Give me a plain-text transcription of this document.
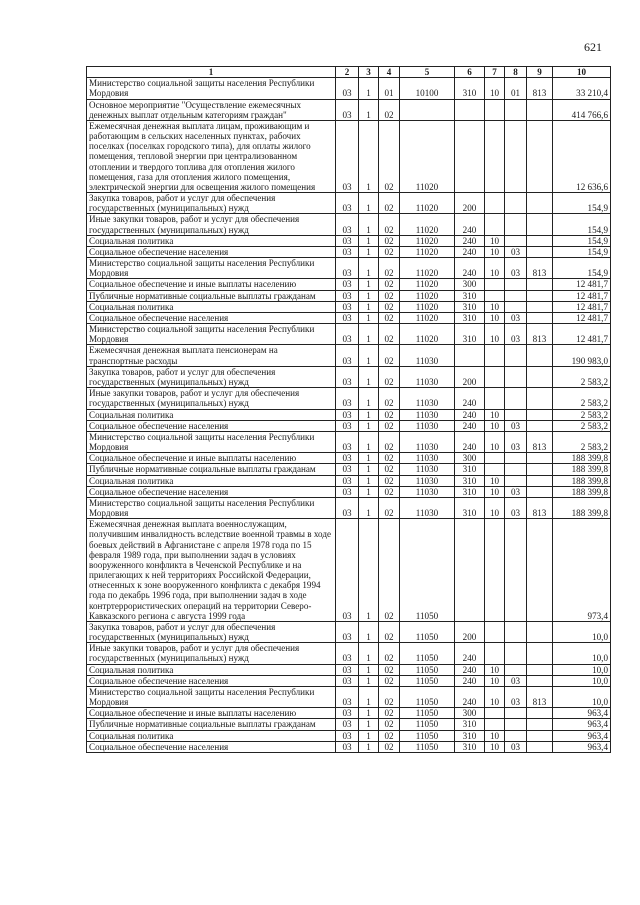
621
1	2	3	4	5	6	7	8	9	10
Министерство социальной защиты населения Республики Мордовия	03	1	01	10100	310	10	01	813	33 210,4
Основное мероприятие "Осуществление ежемесячных денежных выплат отдельным категориям граждан"	03	1	02						414 766,6
Ежемесячная денежная выплата лицам, проживающим и работающим в сельских населенных пунктах, рабочих поселках (поселках городского типа), для оплаты жилого помещения, тепловой энергии при централизованном отоплении и твердого топлива для отопления жилого помещения, газа для отопления жилого помещения, электрической энергии для освещения жилого помещения	03	1	02	11020					12 636,6
Закупка товаров, работ и услуг для обеспечения государственных (муниципальных) нужд	03	1	02	11020	200				154,9
Иные закупки товаров, работ и услуг для обеспечения государственных (муниципальных) нужд	03	1	02	11020	240				154,9
Социальная политика	03	1	02	11020	240	10			154,9
Социальное обеспечение населения	03	1	02	11020	240	10	03		154,9
Министерство социальной защиты населения Республики Мордовия	03	1	02	11020	240	10	03	813	154,9
Социальное обеспечение и иные выплаты населению	03	1	02	11020	300				12 481,7
Публичные нормативные социальные выплаты гражданам	03	1	02	11020	310				12 481,7
Социальная политика	03	1	02	11020	310	10			12 481,7
Социальное обеспечение населения	03	1	02	11020	310	10	03		12 481,7
Министерство социальной защиты населения Республики Мордовия	03	1	02	11020	310	10	03	813	12 481,7
Ежемесячная денежная выплата пенсионерам на транспортные расходы	03	1	02	11030					190 983,0
Закупка товаров, работ и услуг для обеспечения государственных (муниципальных) нужд	03	1	02	11030	200				2 583,2
Иные закупки товаров, работ и услуг для обеспечения государственных (муниципальных) нужд	03	1	02	11030	240				2 583,2
Социальная политика	03	1	02	11030	240	10			2 583,2
Социальное обеспечение населения	03	1	02	11030	240	10	03		2 583,2
Министерство социальной защиты населения Республики Мордовия	03	1	02	11030	240	10	03	813	2 583,2
Социальное обеспечение и иные выплаты населению	03	1	02	11030	300				188 399,8
Публичные нормативные социальные выплаты гражданам	03	1	02	11030	310				188 399,8
Социальная политика	03	1	02	11030	310	10			188 399,8
Социальное обеспечение населения	03	1	02	11030	310	10	03		188 399,8
Министерство социальной защиты населения Республики Мордовия	03	1	02	11030	310	10	03	813	188 399,8
Ежемесячная денежная выплата военнослужащим, получившим инвалидность вследствие военной травмы в ходе боевых действий в Афганистане с апреля 1978 года по 15 февраля 1989 года, при выполнении задач в условиях вооруженного конфликта в Чеченской Республике и на прилегающих к ней территориях Российской Федерации, отнесенных к зоне вооруженного конфликта с декабря 1994 года по декабрь 1996 года, при выполнении задач в ходе контртеррористических операций на территории Северо-Кавказского региона с августа 1999 года	03	1	02	11050					973,4
Закупка товаров, работ и услуг для обеспечения государственных (муниципальных) нужд	03	1	02	11050	200				10,0
Иные закупки товаров, работ и услуг для обеспечения государственных (муниципальных) нужд	03	1	02	11050	240				10,0
Социальная политика	03	1	02	11050	240	10			10,0
Социальное обеспечение населения	03	1	02	11050	240	10	03		10,0
Министерство социальной защиты населения Республики Мордовия	03	1	02	11050	240	10	03	813	10,0
Социальное обеспечение и иные выплаты населению	03	1	02	11050	300				963,4
Публичные нормативные социальные выплаты гражданам	03	1	02	11050	310				963,4
Социальная политика	03	1	02	11050	310	10			963,4
Социальное обеспечение населения	03	1	02	11050	310	10	03		963,4
